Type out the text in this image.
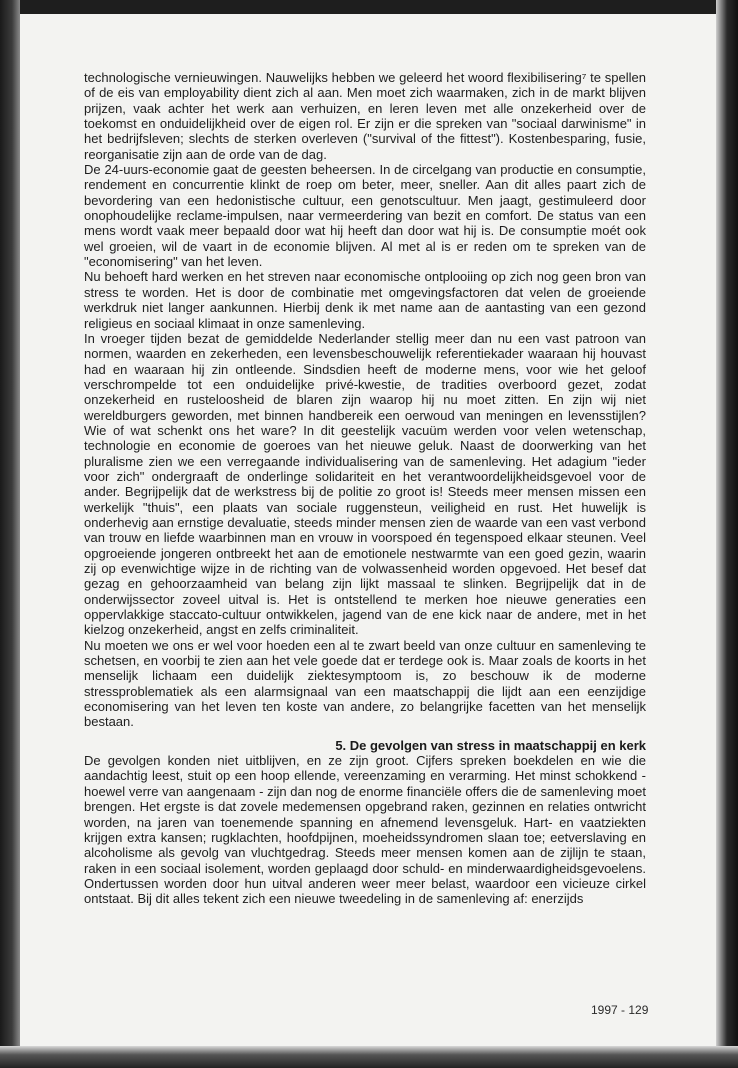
technologische vernieuwingen. Nauwelijks hebben we geleerd het woord flexibilisering⁷ te spellen of de eis van employability dient zich al aan. Men moet zich waarmaken, zich in de markt blijven prijzen, vaak achter het werk aan verhuizen, en leren leven met alle onzekerheid over de toekomst en onduidelijkheid over de eigen rol. Er zijn er die spreken van "sociaal darwinisme" in het bedrijfsleven; slechts de sterken overleven ("survival of the fittest"). Kostenbesparing, fusie, reorganisatie zijn aan de orde van de dag.

De 24-uurs-economie gaat de geesten beheersen. In de circelgang van productie en consumptie, rendement en concurrentie klinkt de roep om beter, meer, sneller. Aan dit alles paart zich de bevordering van een hedonistische cultuur, een genotscultuur. Men jaagt, gestimuleerd door onophoudelijke reclame-impulsen, naar vermeerdering van bezit en comfort. De status van een mens wordt vaak meer bepaald door wat hij heeft dan door wat hij is. De consumptie moét ook wel groeien, wil de vaart in de economie blijven. Al met al is er reden om te spreken van de "economisering" van het leven.

Nu behoeft hard werken en het streven naar economische ontplooiing op zich nog geen bron van stress te worden. Het is door de combinatie met omgevingsfactoren dat velen de groeiende werkdruk niet langer aankunnen. Hierbij denk ik met name aan de aantasting van een gezond religieus en sociaal klimaat in onze samenleving.

In vroeger tijden bezat de gemiddelde Nederlander stellig meer dan nu een vast patroon van normen, waarden en zekerheden, een levensbeschouwelijk referentiekader waaraan hij houvast had en waaraan hij zin ontleende. Sindsdien heeft de moderne mens, voor wie het geloof verschrompelde tot een onduidelijke privé-kwestie, de tradities overboord gezet, zodat onzekerheid en rusteloosheid de blaren zijn waarop hij nu moet zitten. En zijn wij niet wereldburgers geworden, met binnen handbereik een oerwoud van meningen en levensstijlen? Wie of wat schenkt ons het ware? In dit geestelijk vacuüm werden voor velen wetenschap, technologie en economie de goeroes van het nieuwe geluk. Naast de doorwerking van het pluralisme zien we een verregaande individualisering van de samenleving. Het adagium "ieder voor zich" ondergraaft de onderlinge solidariteit en het verantwoordelijkheidsgevoel voor de ander. Begrijpelijk dat de werkstress bij de politie zo groot is! Steeds meer mensen missen een werkelijk "thuis", een plaats van sociale ruggensteun, veiligheid en rust. Het huwelijk is onderhevig aan ernstige devaluatie, steeds minder mensen zien de waarde van een vast verbond van trouw en liefde waarbinnen man en vrouw in voorspoed én tegenspoed elkaar steunen. Veel opgroeiende jongeren ontbreekt het aan de emotionele nestwarmte van een goed gezin, waarin zij op evenwichtige wijze in de richting van de volwassenheid worden opgevoed. Het besef dat gezag en gehoorzaamheid van belang zijn lijkt massaal te slinken. Begrijpelijk dat in de onderwijssector zoveel uitval is. Het is ontstellend te merken hoe nieuwe generaties een oppervlakkige staccato-cultuur ontwikkelen, jagend van de ene kick naar de andere, met in het kielzog onzekerheid, angst en zelfs criminaliteit.

Nu moeten we ons er wel voor hoeden een al te zwart beeld van onze cultuur en samenleving te schetsen, en voorbij te zien aan het vele goede dat er terdege ook is. Maar zoals de koorts in het menselijk lichaam een duidelijk ziektesymptoom is, zo beschouw ik de moderne stressproblematiek als een alarmsignaal van een maatschappij die lijdt aan een eenzijdige economisering van het leven ten koste van andere, zo belangrijke facetten van het menselijk bestaan.

5. De gevolgen van stress in maatschappij en kerk

De gevolgen konden niet uitblijven, en ze zijn groot. Cijfers spreken boekdelen en wie die aandachtig leest, stuit op een hoop ellende, vereenzaming en verarming. Het minst schokkend - hoewel verre van aangenaam - zijn dan nog de enorme financiële offers die de samenleving moet brengen. Het ergste is dat zovele medemensen opgebrand raken, gezinnen en relaties ontwricht worden, na jaren van toenemende spanning en afnemend levensgeluk. Hart- en vaatziekten krijgen extra kansen; rugklachten, hoofdpijnen, moeheidssyndromen slaan toe; eetverslaving en alcoholisme als gevolg van vluchtgedrag. Steeds meer mensen komen aan de zijlijn te staan, raken in een sociaal isolement, worden geplaagd door schuld- en minderwaardigheidsgevoelens. Ondertussen worden door hun uitval anderen weer meer belast, waardoor een vicieuze cirkel ontstaat. Bij dit alles tekent zich een nieuwe tweedeling in de samenleving af: enerzijds

1997 - 129
